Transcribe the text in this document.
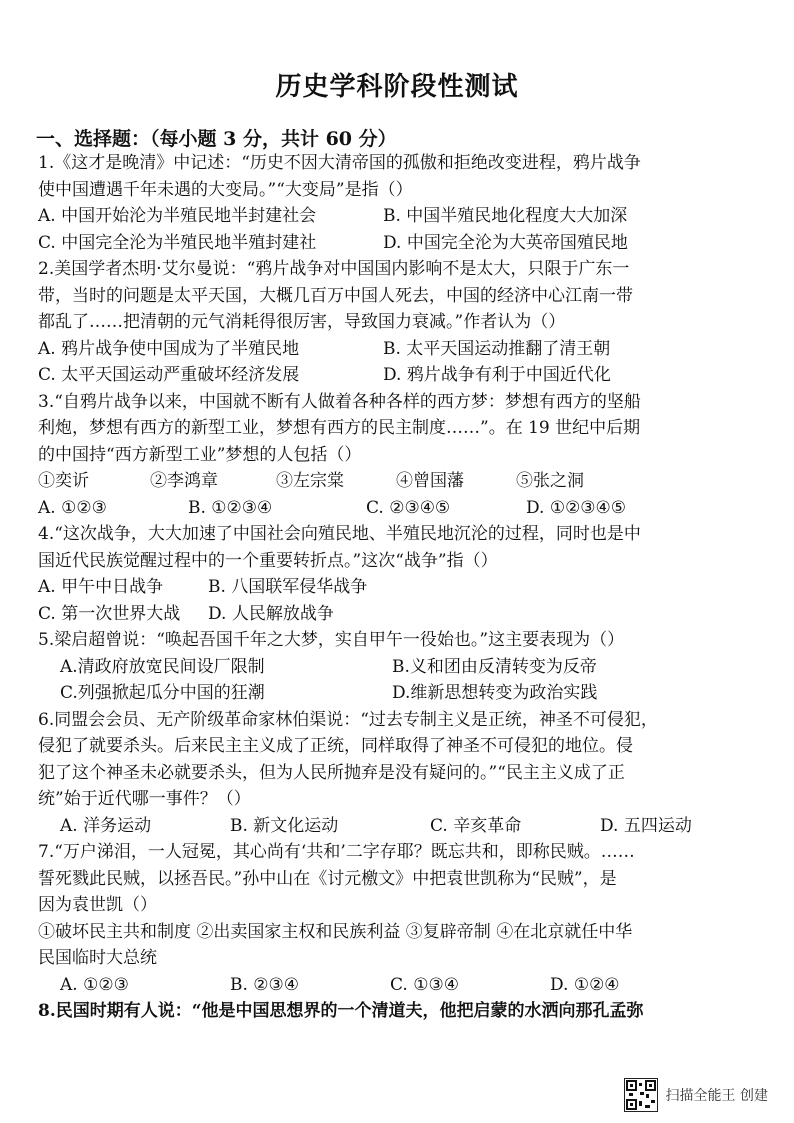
历史学科阶段性测试
一、选择题：（每小题 3 分，共计 60 分）
1.《这才是晚清》中记述：“历史不因大清帝国的孤傲和拒绝改变进程，鸦片战争
使中国遭遇千年未遇的大变局。”“大变局”是指（）
A. 中国开始沦为半殖民地半封建社会	B. 中国半殖民地化程度大大加深
C. 中国完全沦为半殖民地半殖封建社	D. 中国完全沦为大英帝国殖民地
2.美国学者杰明·艾尔曼说：“鸦片战争对中国国内影响不是太大，只限于广东一
带，当时的问题是太平天国，大概几百万中国人死去，中国的经济中心江南一带
都乱了……把清朝的元气消耗得很厉害，导致国力衰减。”作者认为（）
A. 鸦片战争使中国成为了半殖民地	B. 太平天国运动推翻了清王朝
C. 太平天国运动严重破坏经济发展	D. 鸦片战争有利于中国近代化
3.“自鸦片战争以来，中国就不断有人做着各种各样的西方梦：梦想有西方的坚船
利炮，梦想有西方的新型工业，梦想有西方的民主制度……”。在 19 世纪中后期
的中国持“西方新型工业”梦想的人包括（）
①奕䜣	②李鸿章	③左宗棠	④曾国藩	⑤张之洞
A. ①②③	B. ①②③④	C. ②③④⑤	D. ①②③④⑤
4.“这次战争，大大加速了中国社会向殖民地、半殖民地沉沦的过程，同时也是中
国近代民族觉醒过程中的一个重要转折点。”这次“战争”指（）
A. 甲午中日战争	B. 八国联军侵华战争
C. 第一次世界大战	D. 人民解放战争
5.梁启超曾说：“唤起吾国千年之大梦，实自甲午一役始也。”这主要表现为（）
A.清政府放宽民间设厂限制	B.义和团由反清转变为反帝
C.列强掀起瓜分中国的狂潮	D.维新思想转变为政治实践
6.同盟会会员、无产阶级革命家林伯渠说：“过去专制主义是正统，神圣不可侵犯，
侵犯了就要杀头。后来民主主义成了正统，同样取得了神圣不可侵犯的地位。侵
犯了这个神圣未必就要杀头，但为人民所抛弃是没有疑问的。”“民主主义成了正
统”始于近代哪一事件？（）
A. 洋务运动	B. 新文化运动	C. 辛亥革命	D. 五四运动
7.“万户涕泪，一人冠冕，其心尚有‘共和’二字存耶？既忘共和，即称民贼。……
誓死戮此民贼，以拯吾民。”孙中山在《讨元檄文》中把袁世凯称为“民贼”，是
因为袁世凯（）
①破坏民主共和制度 ②出卖国家主权和民族利益 ③复辟帝制 ④在北京就任中华
民国临时大总统
A. ①②③	B. ②③④	C. ①③④	D. ①②④
8.民国时期有人说：“他是中国思想界的一个清道夫，他把启蒙的水洒向那孔孟弥
扫描全能王 创建
